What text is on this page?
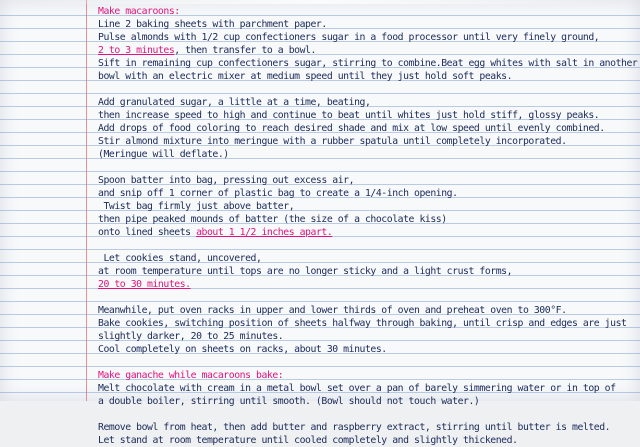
Make macaroons:
Line 2 baking sheets with parchment paper.
Pulse almonds with 1/2 cup confectioners sugar in a food processor until very finely ground,
2 to 3 minutes, then transfer to a bowl.
Sift in remaining cup confectioners sugar, stirring to combine.Beat egg whites with salt in another
bowl with an electric mixer at medium speed until they just hold soft peaks.
Add granulated sugar, a little at a time, beating,
then increase speed to high and continue to beat until whites just hold stiff, glossy peaks.
Add drops of food coloring to reach desired shade and mix at low speed until evenly combined.
Stir almond mixture into meringue with a rubber spatula until completely incorporated.
(Meringue will deflate.)
Spoon batter into bag, pressing out excess air,
and snip off 1 corner of plastic bag to create a 1/4-inch opening.
Twist bag firmly just above batter,
then pipe peaked mounds of batter (the size of a chocolate kiss)
onto lined sheets about 1 1/2 inches apart.
Let cookies stand, uncovered,
at room temperature until tops are no longer sticky and a light crust forms,
20 to 30 minutes.
Meanwhile, put oven racks in upper and lower thirds of oven and preheat oven to 300°F.
Bake cookies, switching position of sheets halfway through baking, until crisp and edges are just
slightly darker, 20 to 25 minutes.
Cool completely on sheets on racks, about 30 minutes.
Make ganache while macaroons bake:
Melt chocolate with cream in a metal bowl set over a pan of barely simmering water or in top of
a double boiler, stirring until smooth. (Bowl should not touch water.)
Remove bowl from heat, then add butter and raspberry extract, stirring until butter is melted.
Let stand at room temperature until cooled completely and slightly thickened.
